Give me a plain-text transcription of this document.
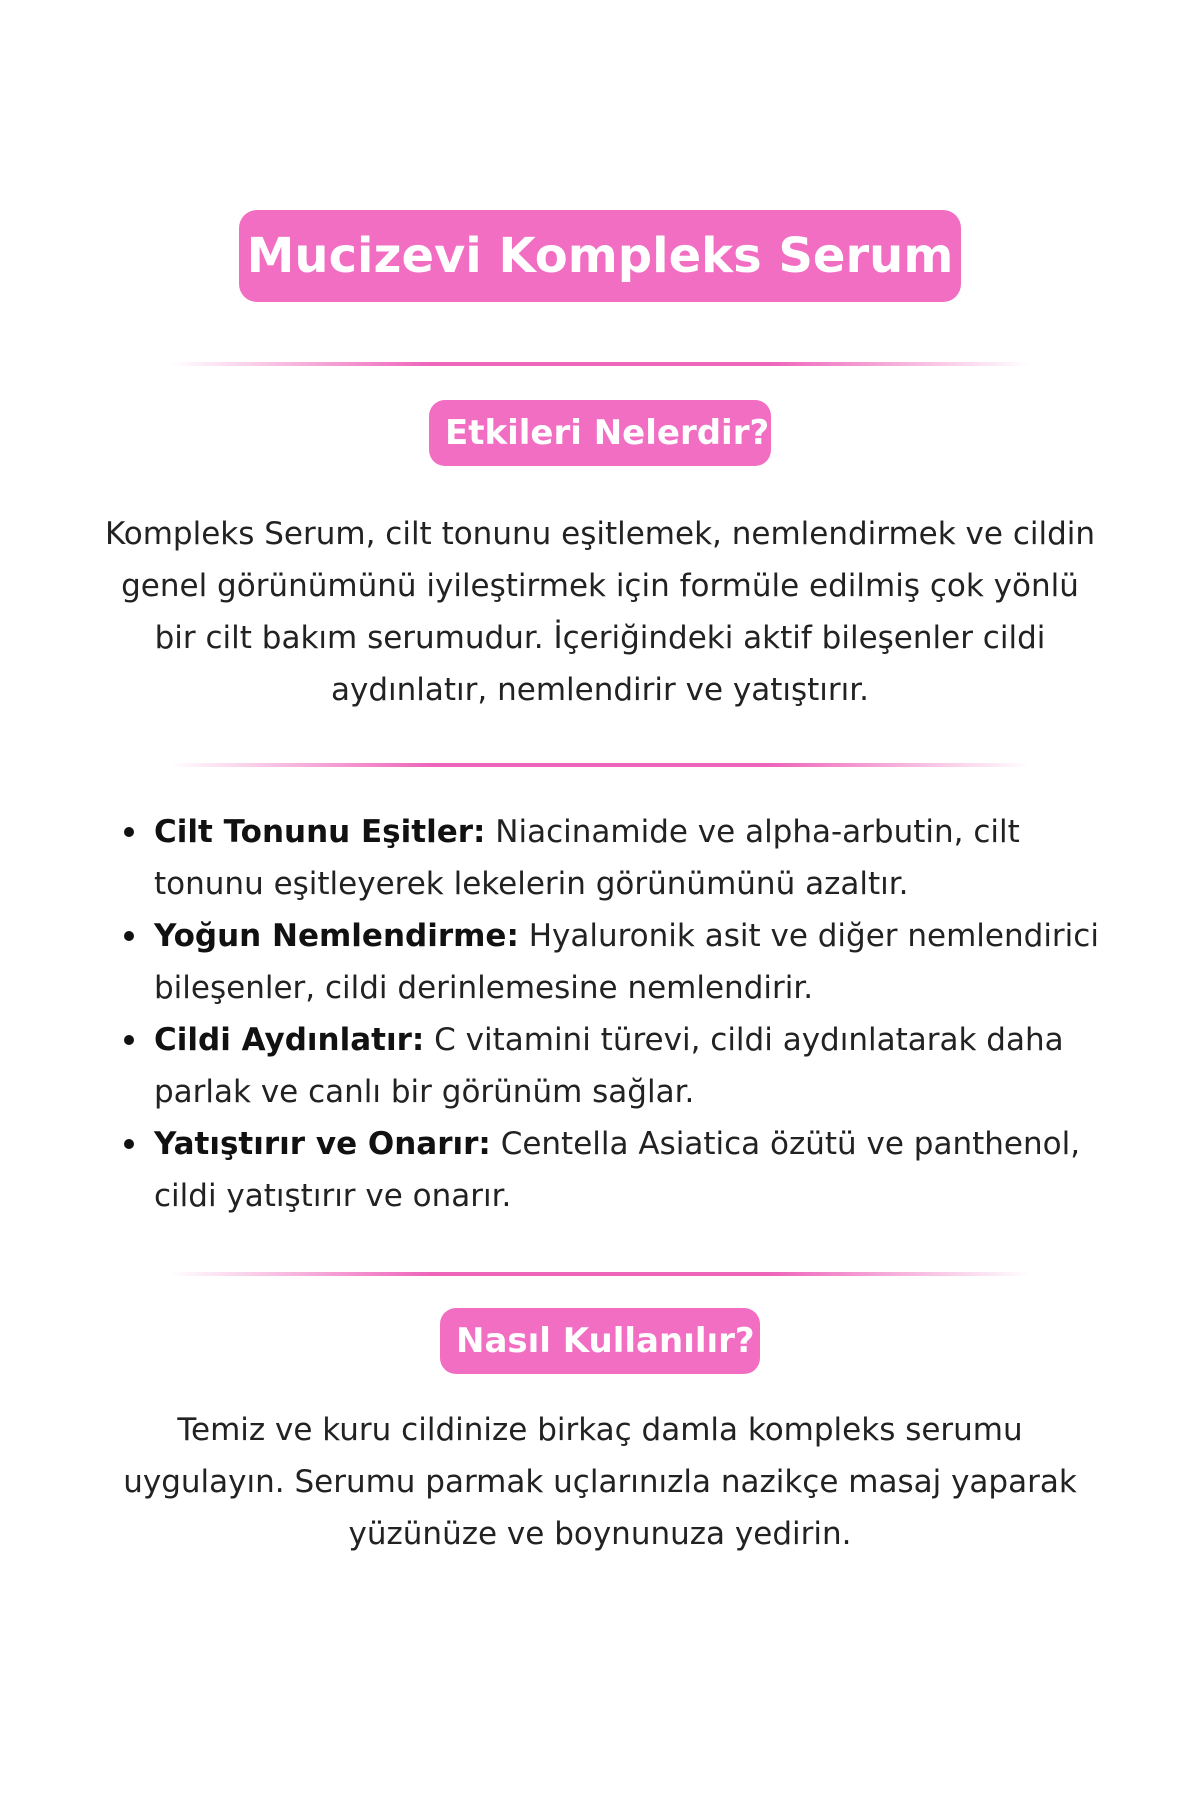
Mucizevi Kompleks Serum
Etkileri Nelerdir?

Kompleks Serum, cilt tonunu eşitlemek, nemlendirmek ve cildin genel görünümünü iyileştirmek için formüle edilmiş çok yönlü bir cilt bakım serumudur. İçeriğindeki aktif bileşenler cildi aydınlatır, nemlendirir ve yatıştırır.

Cilt Tonunu Eşitler: Niacinamide ve alpha-arbutin, cilt tonunu eşitleyerek lekelerin görünümünü azaltır.
Yoğun Nemlendirme: Hyaluronik asit ve diğer nemlendirici bileşenler, cildi derinlemesine nemlendirir.
Cildi Aydınlatır: C vitamini türevi, cildi aydınlatarak daha parlak ve canlı bir görünüm sağlar.
Yatıştırır ve Onarır: Centella Asiatica özütü ve panthenol, cildi yatıştırır ve onarır.
Nasıl Kullanılır?

Temiz ve kuru cildinize birkaç damla kompleks serumu uygulayın. Serumu parmak uçlarınızla nazikçe masaj yaparak yüzünüze ve boynunuza yedirin.
